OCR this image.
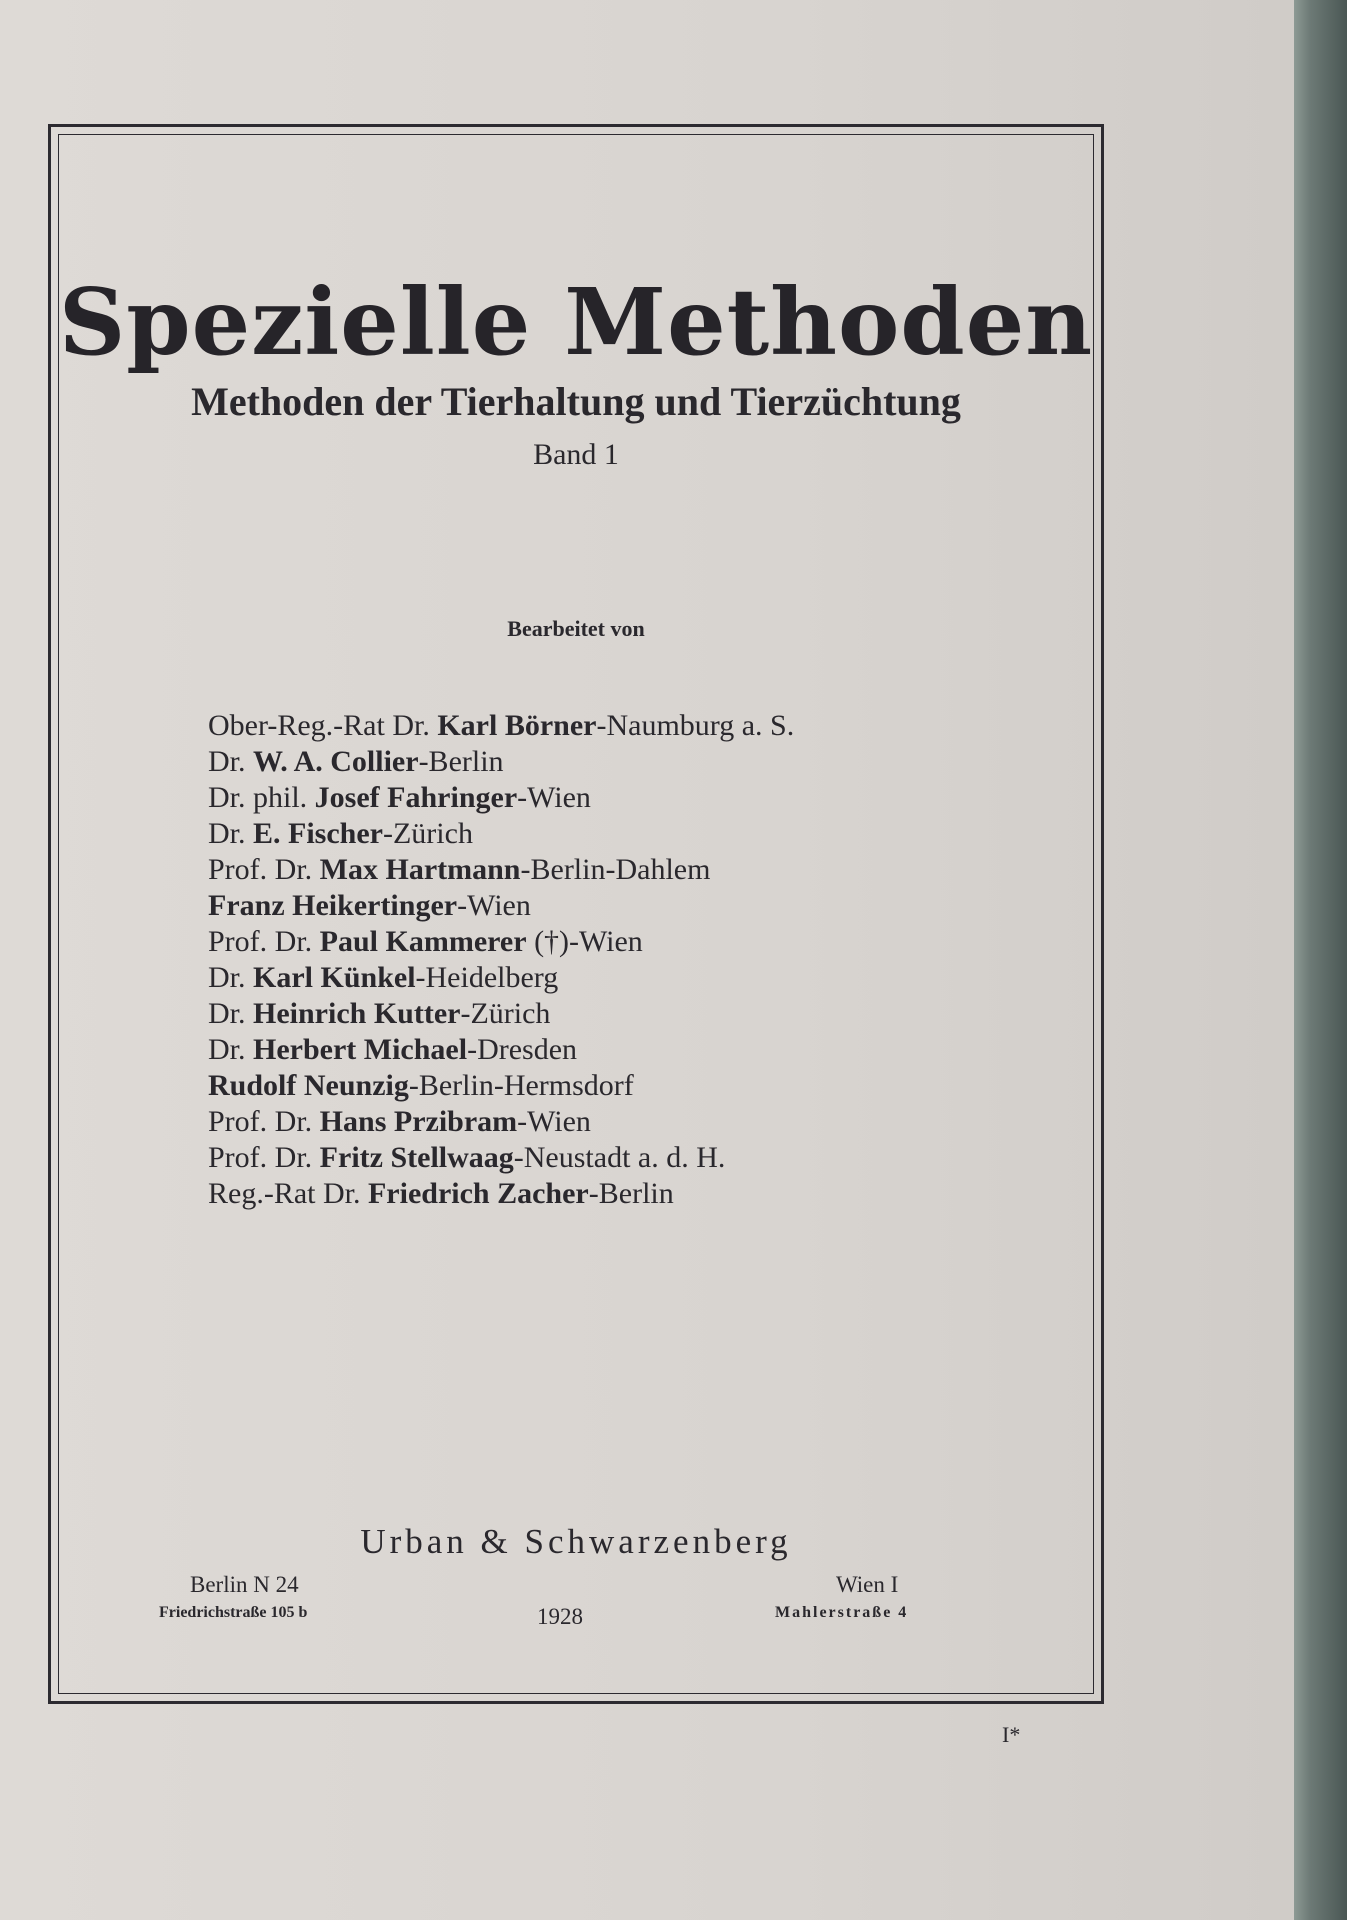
Spezielle Methoden
Methoden der Tierhaltung und Tierzüchtung
Band 1
Bearbeitet von
Ober-Reg.-Rat Dr. Karl Börner-Naumburg a. S.
Dr. W. A. Collier-Berlin
Dr. phil. Josef Fahringer-Wien
Dr. E. Fischer-Zürich
Prof. Dr. Max Hartmann-Berlin-Dahlem
Franz Heikertinger-Wien
Prof. Dr. Paul Kammerer (†)-Wien
Dr. Karl Künkel-Heidelberg
Dr. Heinrich Kutter-Zürich
Dr. Herbert Michael-Dresden
Rudolf Neunzig-Berlin-Hermsdorf
Prof. Dr. Hans Przibram-Wien
Prof. Dr. Fritz Stellwaag-Neustadt a. d. H.
Reg.-Rat Dr. Friedrich Zacher-Berlin
Urban & Schwarzenberg
Berlin N 24
Friedrichstraße 105 b	1928
Wien I
Mahlerstraße 4
I*
